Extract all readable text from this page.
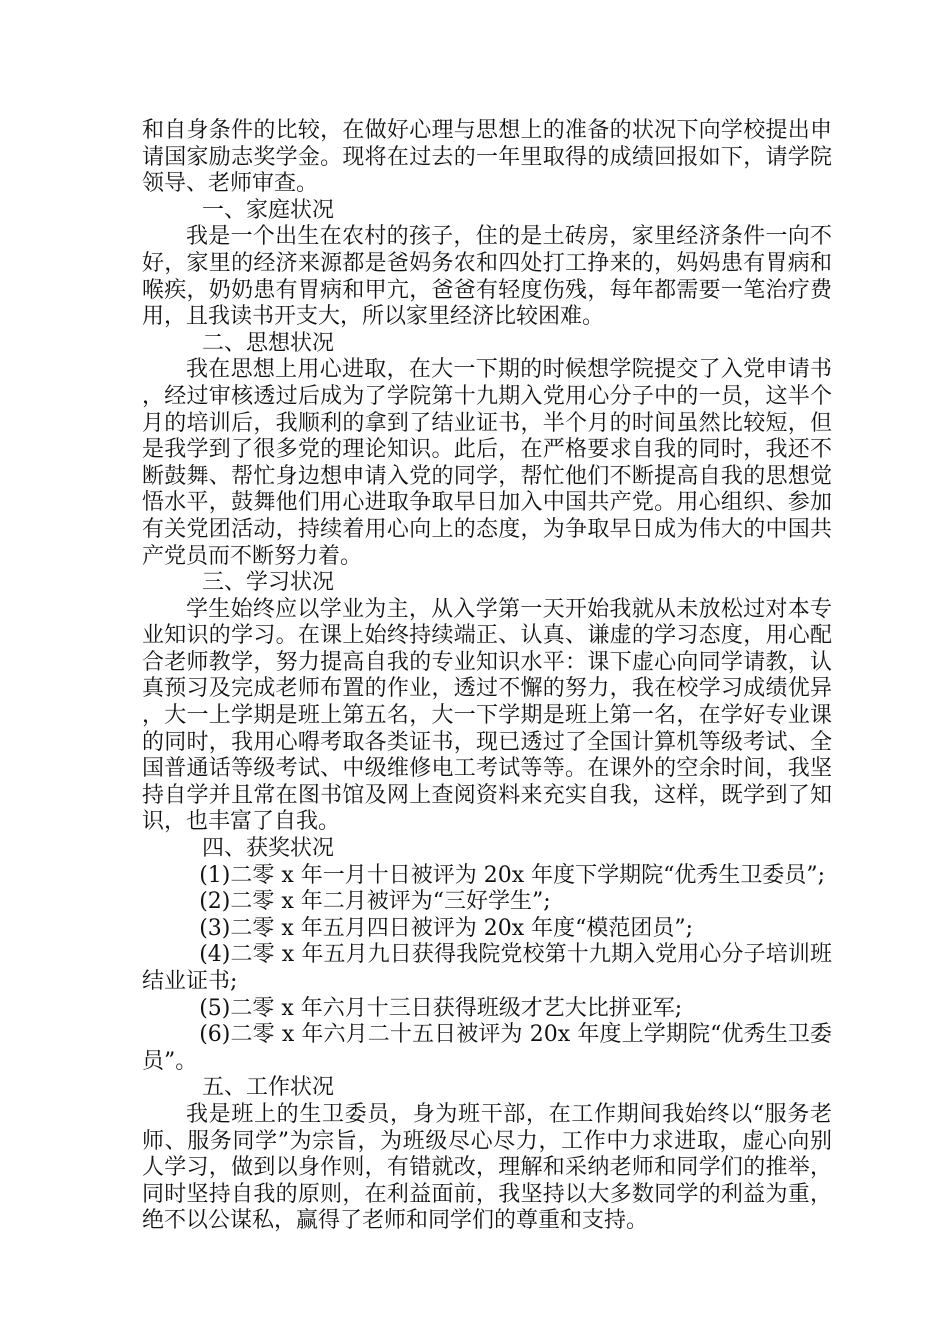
和自身条件的比较，在做好心理与思想上的准备的状况下向学校提出申请国家励志奖学金。现将在过去的一年里取得的成绩回报如下，请学院领导、老师审查。

一、家庭状况

我是一个出生在农村的孩子，住的是土砖房，家里经济条件一向不好，家里的经济来源都是爸妈务农和四处打工挣来的，妈妈患有胃病和喉疾，奶奶患有胃病和甲亢，爸爸有轻度伤残，每年都需要一笔治疗费用，且我读书开支大，所以家里经济比较困难。

二、思想状况

我在思想上用心进取，在大一下期的时候想学院提交了入党申请书，经过审核透过后成为了学院第十九期入党用心分子中的一员，这半个月的培训后，我顺利的拿到了结业证书，半个月的时间虽然比较短，但是我学到了很多党的理论知识。此后，在严格要求自我的同时，我还不断鼓舞、帮忙身边想申请入党的同学，帮忙他们不断提高自我的思想觉悟水平，鼓舞他们用心进取争取早日加入中国共产党。用心组织、参加有关党团活动，持续着用心向上的态度，为争取早日成为伟大的中国共产党员而不断努力着。

三、学习状况

学生始终应以学业为主，从入学第一天开始我就从未放松过对本专业知识的学习。在课上始终持续端正、认真、谦虚的学习态度，用心配合老师教学，努力提高自我的专业知识水平：课下虚心向同学请教，认真预习及完成老师布置的作业，透过不懈的努力，我在校学习成绩优异，大一上学期是班上第五名，大一下学期是班上第一名，在学好专业课的同时，我用心嘚考取各类证书，现已透过了全国计算机等级考试、全国普通话等级考试、中级维修电工考试等等。在课外的空余时间，我坚持自学并且常在图书馆及网上查阅资料来充实自我，这样，既学到了知识，也丰富了自我。

四、获奖状况

(1)二零 x 年一月十日被评为 20x 年度下学期院“优秀生卫委员”;

(2)二零 x 年二月被评为“三好学生”;

(3)二零 x 年五月四日被评为 20x 年度“模范团员”;

(4)二零 x 年五月九日获得我院党校第十九期入党用心分子培训班结业证书;

(5)二零 x 年六月十三日获得班级才艺大比拼亚军;

(6)二零 x 年六月二十五日被评为 20x 年度上学期院“优秀生卫委员”。

五、工作状况

我是班上的生卫委员，身为班干部，在工作期间我始终以“服务老师、服务同学”为宗旨，为班级尽心尽力，工作中力求进取，虚心向别人学习，做到以身作则，有错就改，理解和采纳老师和同学们的推举，同时坚持自我的原则，在利益面前，我坚持以大多数同学的利益为重，绝不以公谋私，赢得了老师和同学们的尊重和支持。
